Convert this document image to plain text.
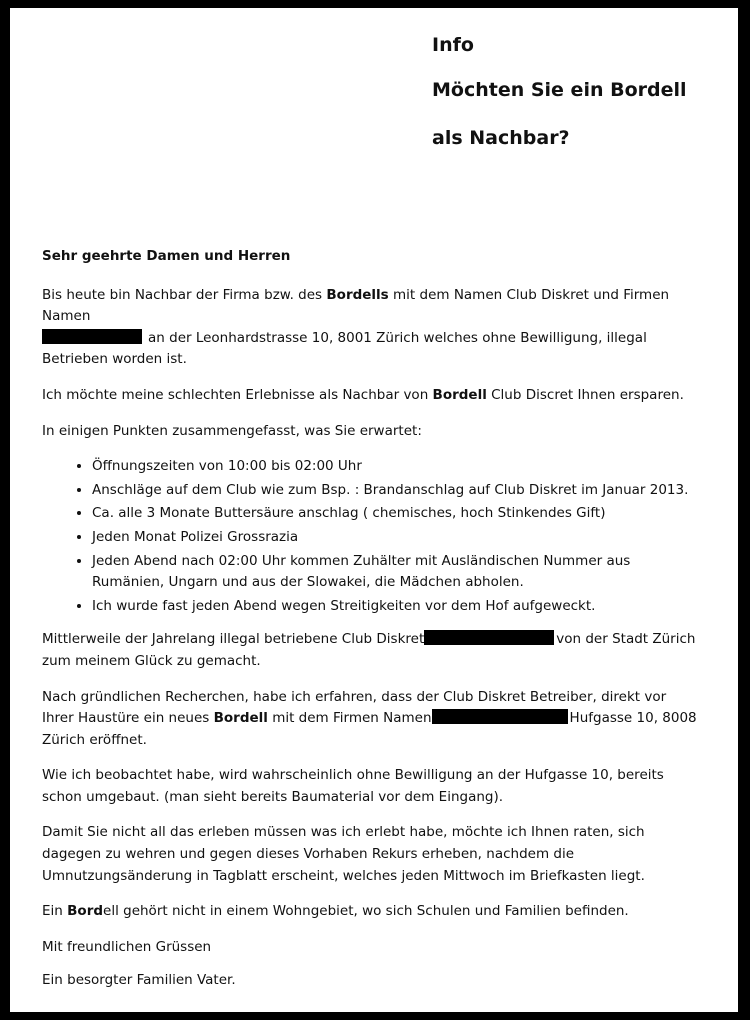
Info
Möchten Sie ein Bordell
als Nachbar?

Sehr geehrte Damen und Herren

Bis heute bin Nachbar der Firma bzw. des Bordells mit dem Namen Club Diskret und Firmen Namen
an der Leonhardstrasse 10, 8001 Zürich welches ohne Bewilligung, illegal Betrieben worden ist.

Ich möchte meine schlechten Erlebnisse als Nachbar von Bordell Club Discret Ihnen ersparen.

In einigen Punkten zusammengefasst, was Sie erwartet:

• Öffnungszeiten von 10:00 bis 02:00 Uhr
• Anschläge auf dem Club wie zum Bsp. : Brandanschlag auf Club Diskret im Januar 2013.
• Ca. alle 3 Monate Buttersäure anschlag ( chemisches, hoch Stinkendes Gift)
• Jeden Monat Polizei Grossrazia
• Jeden Abend nach 02:00 Uhr kommen Zuhälter mit Ausländischen Nummer aus Rumänien, Ungarn und aus der Slowakei, die Mädchen abholen.
• Ich wurde fast jeden Abend wegen Streitigkeiten vor dem Hof aufgeweckt.

Mittlerweile der Jahrelang illegal betriebene Club Diskret	von der Stadt Zürich zum meinem Glück zu gemacht.

Nach gründlichen Recherchen, habe ich erfahren, dass der Club Diskret Betreiber, direkt vor Ihrer Haustüre ein neues Bordell mit dem Firmen Namen	Hufgasse 10, 8008 Zürich eröffnet.

Wie ich beobachtet habe, wird wahrscheinlich ohne Bewilligung an der Hufgasse 10, bereits schon umgebaut. (man sieht bereits Baumaterial vor dem Eingang).

Damit Sie nicht all das erleben müssen was ich erlebt habe, möchte ich Ihnen raten, sich dagegen zu wehren und gegen dieses Vorhaben Rekurs erheben, nachdem die Umnutzungsänderung in Tagblatt erscheint, welches jeden Mittwoch im Briefkasten liegt.

Ein Bordell gehört nicht in einem Wohngebiet, wo sich Schulen und Familien befinden.

Mit freundlichen Grüssen

Ein besorgter Familien Vater.
